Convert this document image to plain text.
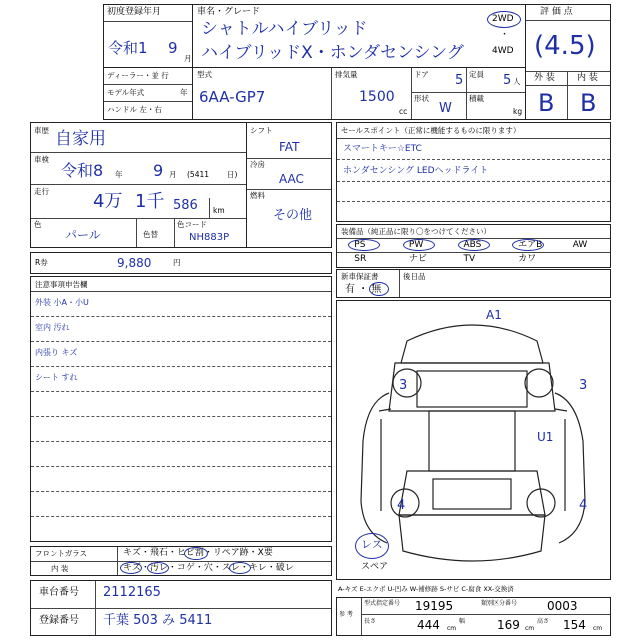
初度登録年月
令和1 9
月
車名・グレード
シャトルハイブリッド
ハイブリッドX・ホンダセンシング
2WD
・
4WD
評 価 点
(4.5)
外 装 内 装
B B
ディーラー・並 行
モデル年式	年
ハンドル 左・右
型式
6AA-GP7
排気量
1500
cc
ドア 5 定員 5 人
形状
W
積載
kg
車歴 自家用
車検
令和8 年 9 月 (5411 日)
走行 4万 1千 586 km
色
パール	色替
色コード
NH883P
シフト
FAT
冷房
AAC
燃料
その他
セールスポイント（正常に機能するものに限ります）
スマートキー☆ETC
ホンダセンシング LEDヘッドライト
装備品（純正品に限り〇をつけてください）
PS	PW	ABS	エアB	AW
SR	ナビ	TV	カワ
新車保証書	後日品
有 ・ 無
R券	9,880	円
注意事項申告欄
外装 小A・小U
室内 汚れ
内張り キズ
シート すれ
フロントガラス	キズ・飛石・ヒビ割・リペア跡・X要
内 装	キズ・汚レ・コゲ・穴・スレ・キレ・破レ
車台番号 2112165
登録番号 千葉 503 み 5411
A1
U1
3	3
4	4
レス
スペア
A-キズ E-エクボ U-凹み W-補修跡 S-サビ C-腐食 XX-交換済
参 考
型式指定番号 19195	類別区分番号 0003
長さ	444 cm
幅	169 cm
高さ 154 cm
